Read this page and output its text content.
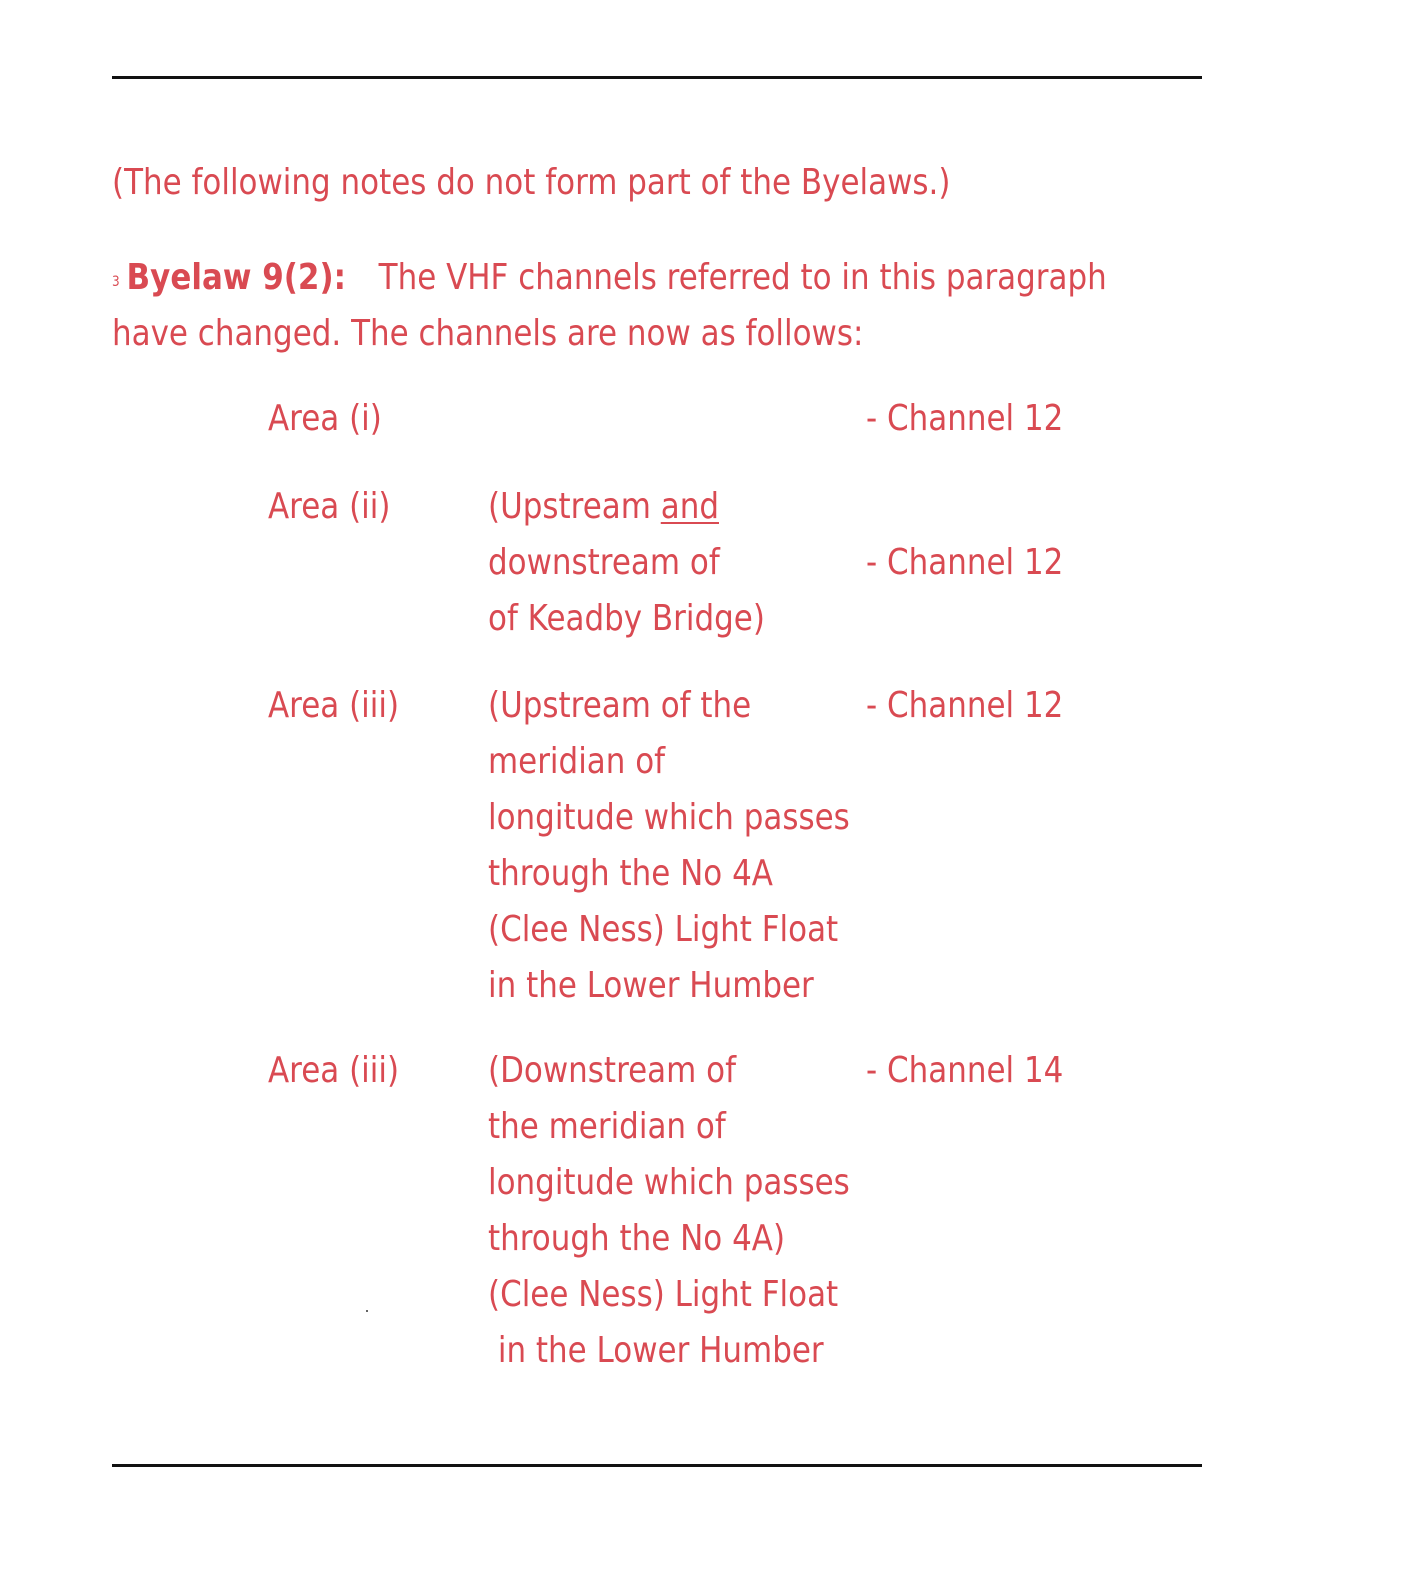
(The following notes do not form part of the Byelaws.)
$^3$ Byelaw 9(2): The VHF channels referred to in this paragraph
have changed. The channels are now as follows:
Area (i)	- Channel 12
Area (ii)	(Upstream and
downstream of
of Keadby Bridge)
- Channel 12
Area (iii) (Upstream of the
meridian of
longitude which passes
through the No 4A
(Clee Ness) Light Float
in the Lower Humber
- Channel 12
Area (iii) (Downstream of
the meridian of
longitude which passes
through the No 4A)
(Clee Ness) Light Float
in the Lower Humber
- Channel 14
